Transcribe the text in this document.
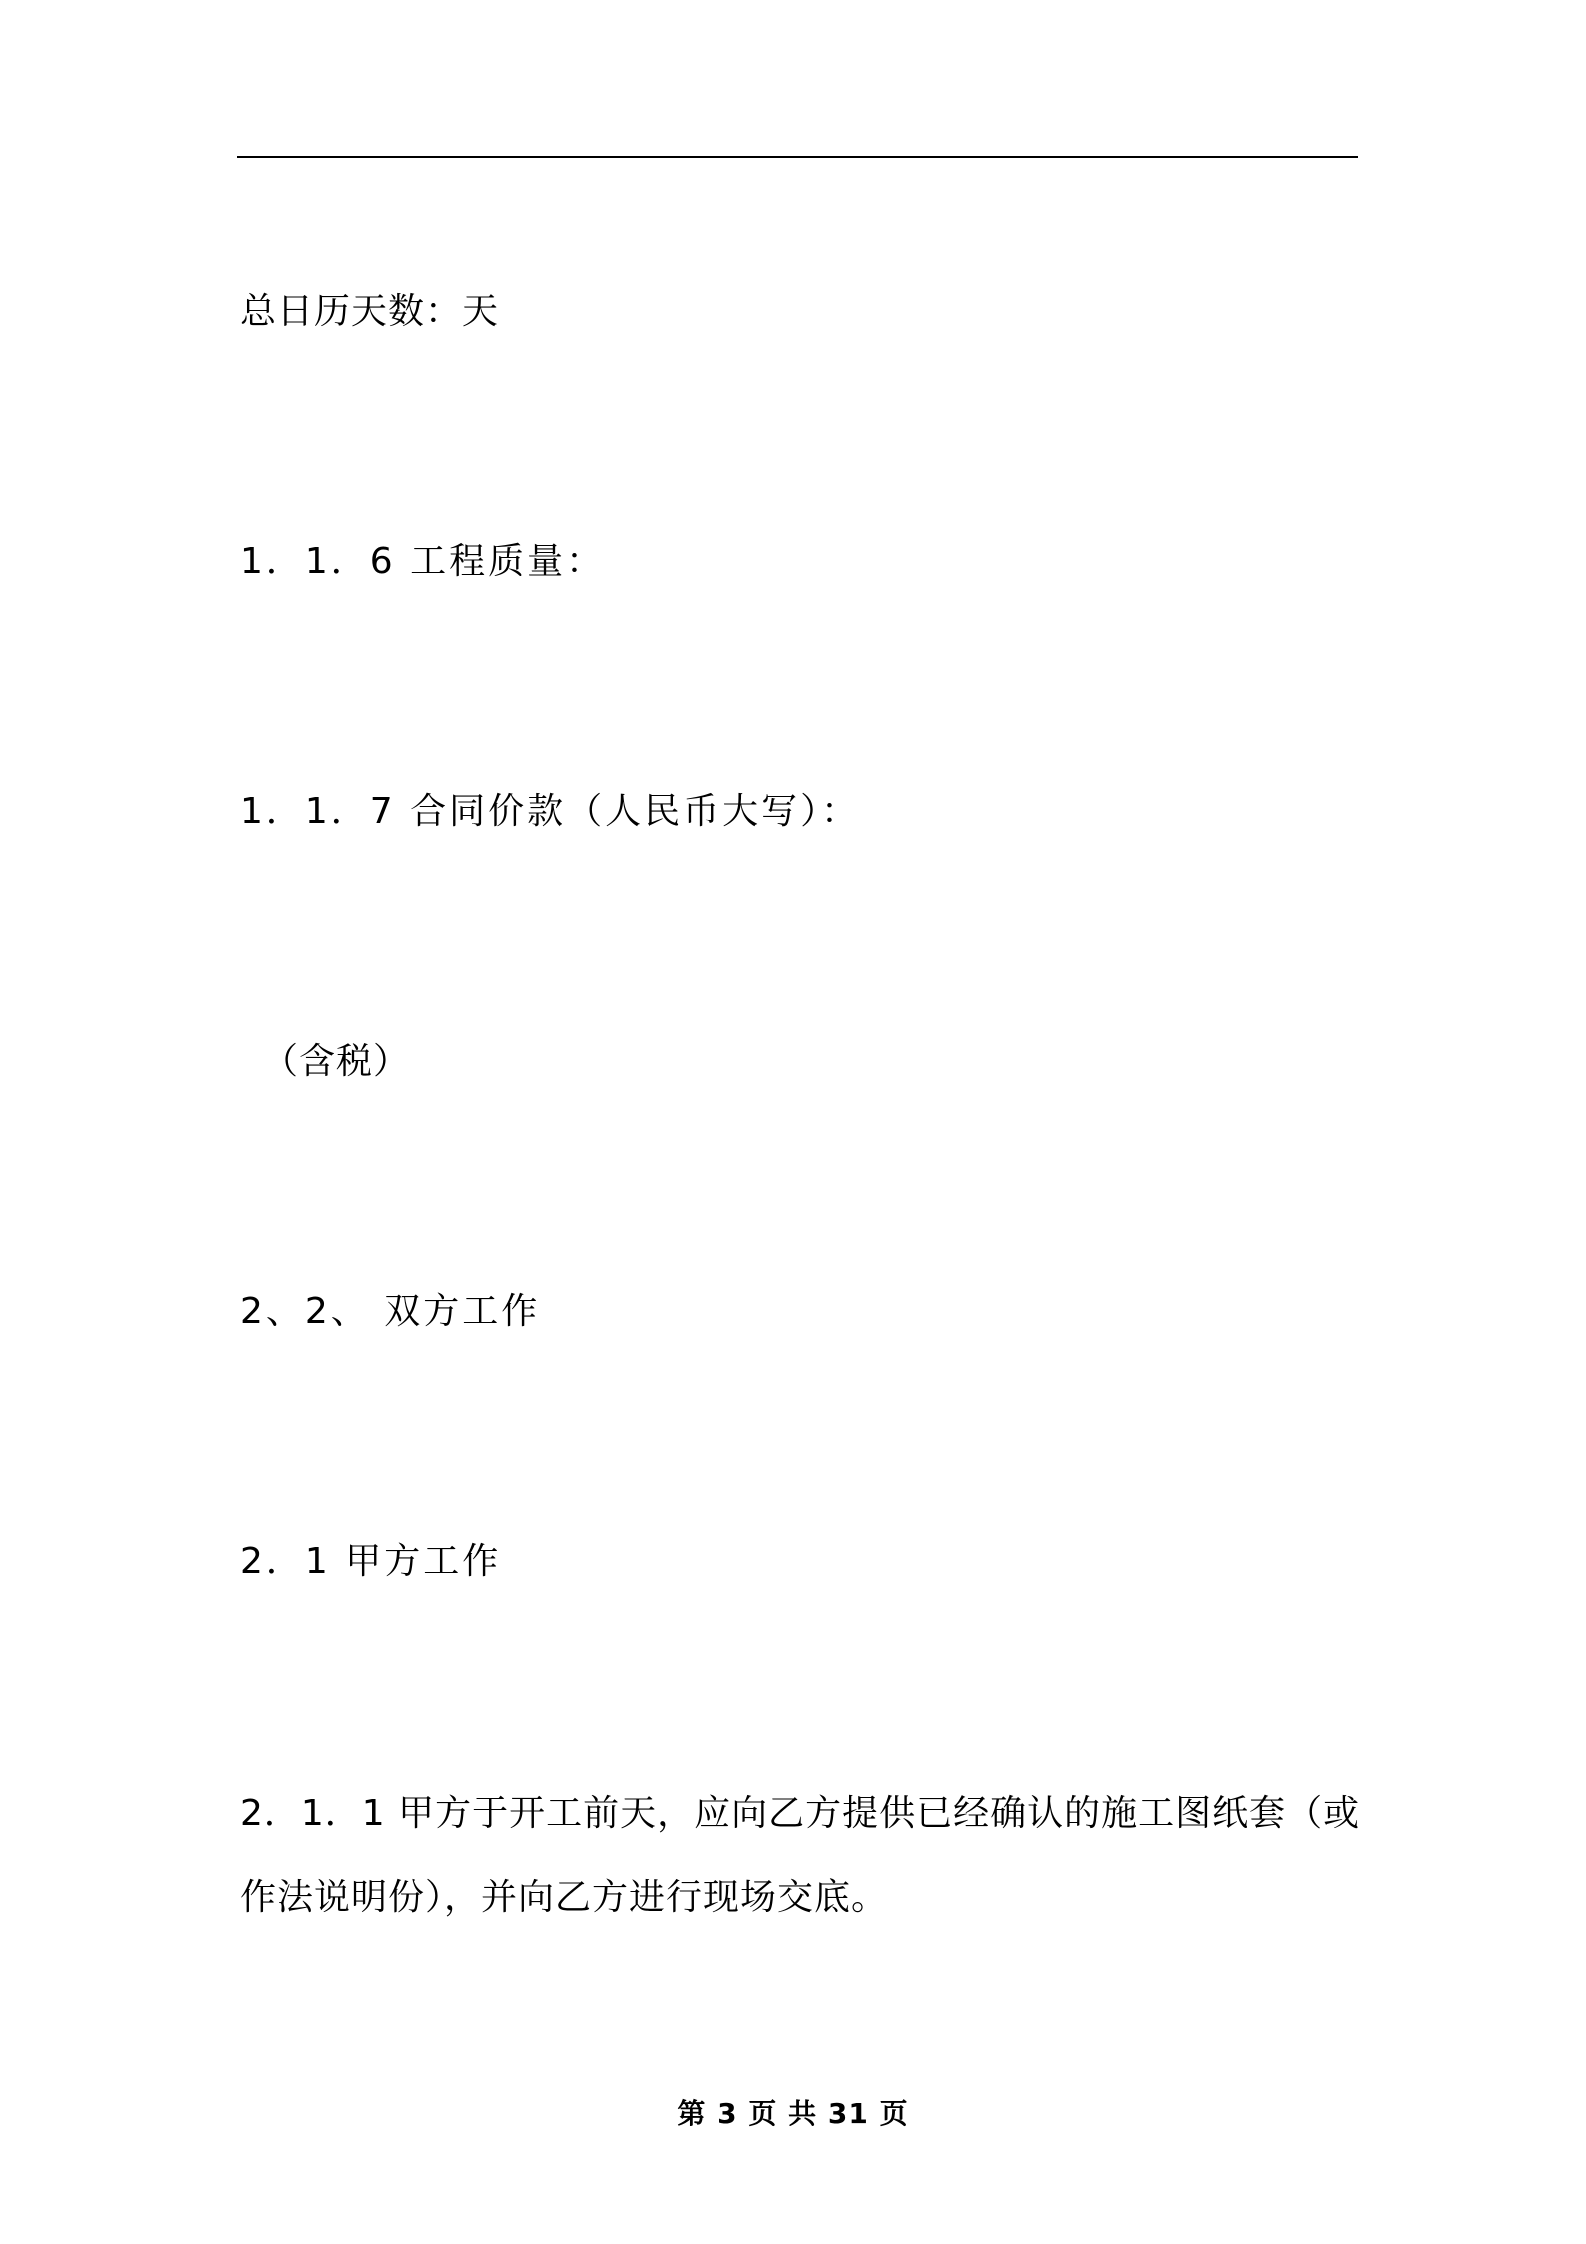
总日历天数：天
1．1．6 工程质量：
1．1．7 合同价款（人民币大写）：
（含税）
2、2、 双方工作
2．1 甲方工作
2．1．1 甲方于开工前天，应向乙方提供已经确认的施工图纸套（或
作法说明份），并向乙方进行现场交底。
第 3 页 共 31 页
